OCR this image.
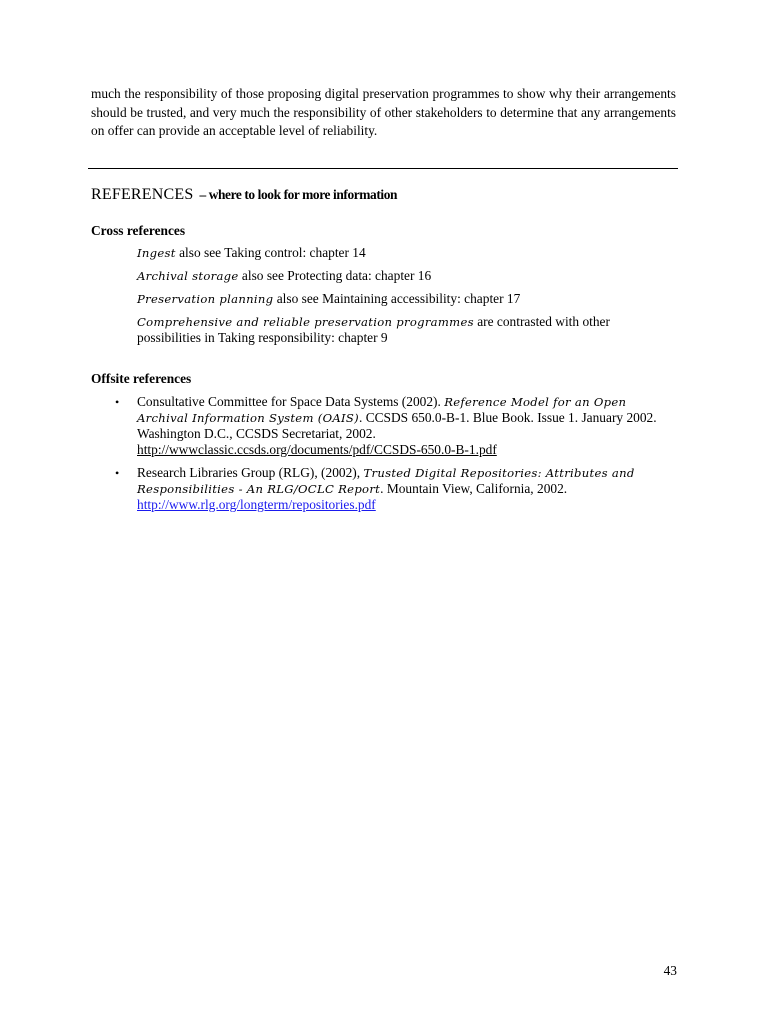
much the responsibility of those proposing digital preservation programmes to show why their arrangements should be trusted, and very much the responsibility of other stakeholders to determine that any arrangements on offer can provide an acceptable level of reliability.

REFERENCES – where to look for more information
Cross references
Ingest also see Taking control: chapter 14
Archival storage also see Protecting data: chapter 16
Preservation planning also see Maintaining accessibility: chapter 17
Comprehensive and reliable preservation programmes are contrasted with other possibilities in Taking responsibility: chapter 9
Offsite references
• Consultative Committee for Space Data Systems (2002). Reference Model for an Open Archival Information System (OAIS). CCSDS 650.0-B-1. Blue Book. Issue 1. January 2002. Washington D.C., CCSDS Secretariat, 2002.
http://wwwclassic.ccsds.org/documents/pdf/CCSDS-650.0-B-1.pdf
• Research Libraries Group (RLG), (2002), Trusted Digital Repositories: Attributes and Responsibilities - An RLG/OCLC Report. Mountain View, California, 2002.
http://www.rlg.org/longterm/repositories.pdf
43
